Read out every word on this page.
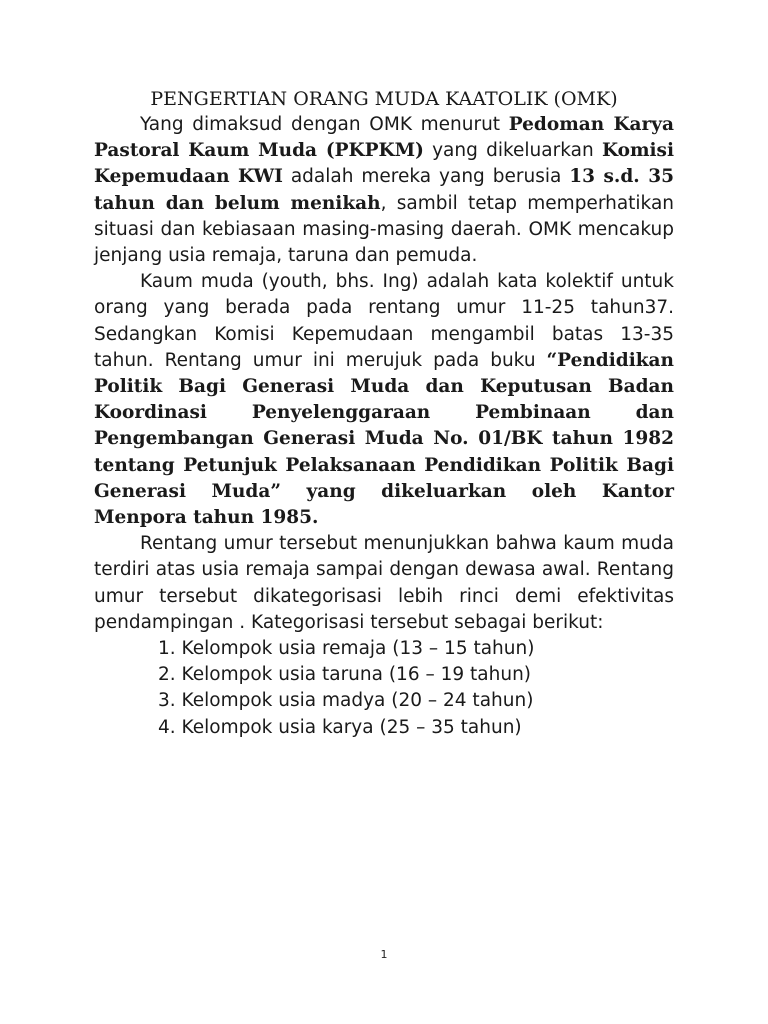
PENGERTIAN ORANG MUDA KAATOLIK (OMK)

Yang dimaksud dengan OMK menurut Pedoman Karya Pastoral Kaum Muda (PKPKM) yang dikeluarkan Komisi Kepemudaan KWI adalah mereka yang berusia 13 s.d. 35 tahun dan belum menikah, sambil tetap memperhatikan situasi dan kebiasaan masing-masing daerah. OMK mencakup jenjang usia remaja, taruna dan pemuda.

Kaum muda (youth, bhs. Ing) adalah kata kolektif untuk orang yang berada pada rentang umur 11-25 tahun37. Sedangkan Komisi Kepemudaan mengambil batas 13-35 tahun. Rentang umur ini merujuk pada buku “Pendidikan Politik Bagi Generasi Muda dan Keputusan Badan Koordinasi Penyelenggaraan Pembinaan dan Pengembangan Generasi Muda No. 01/BK tahun 1982 tentang Petunjuk Pelaksanaan Pendidikan Politik Bagi Generasi Muda” yang dikeluarkan oleh Kantor Menpora tahun 1985.

Rentang umur tersebut menunjukkan bahwa kaum muda terdiri atas usia remaja sampai dengan dewasa awal. Rentang umur tersebut dikategorisasi lebih rinci demi efektivitas pendampingan . Kategorisasi tersebut sebagai berikut:

1. Kelompok usia remaja (13 – 15 tahun)
2. Kelompok usia taruna (16 – 19 tahun)
3. Kelompok usia madya (20 – 24 tahun)
4. Kelompok usia karya (25 – 35 tahun)
1
